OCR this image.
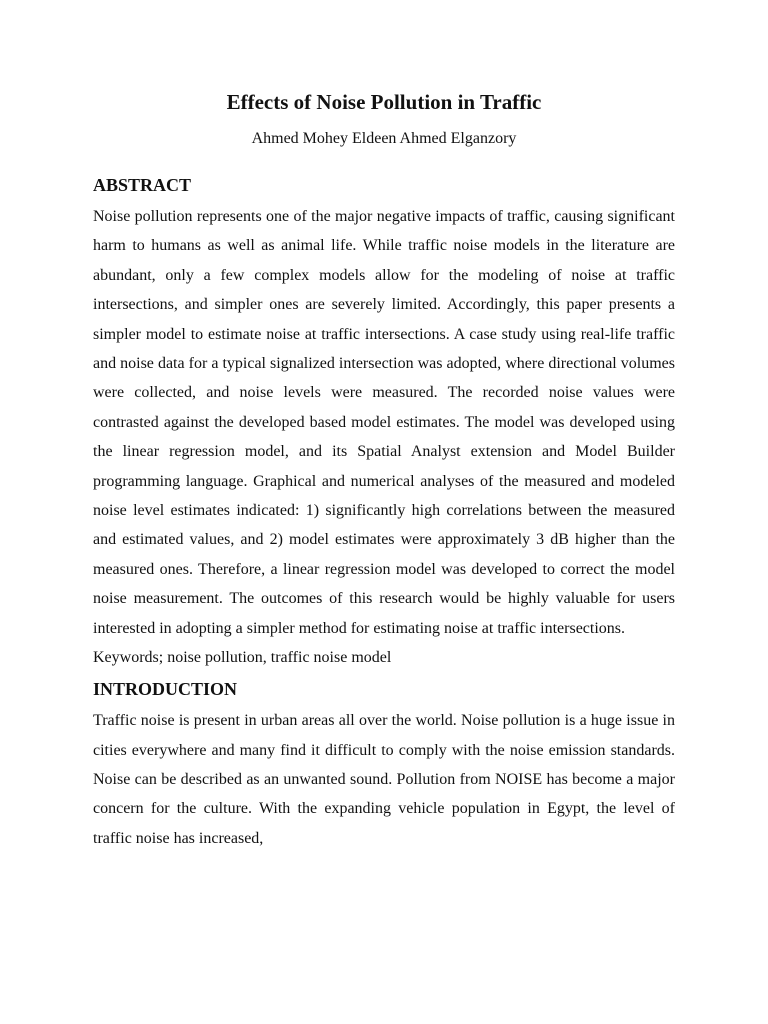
Effects of Noise Pollution in Traffic

Ahmed Mohey Eldeen Ahmed Elganzory

ABSTRACT

Noise pollution represents one of the major negative impacts of traffic, causing significant harm to humans as well as animal life. While traffic noise models in the literature are abundant, only a few complex models allow for the modeling of noise at traffic intersections, and simpler ones are severely limited. Accordingly, this paper presents a simpler model to estimate noise at traffic intersections. A case study using real-life traffic and noise data for a typical signalized intersection was adopted, where directional volumes were collected, and noise levels were measured. The recorded noise values were contrasted against the developed based model estimates. The model was developed using the linear regression model, and its Spatial Analyst extension and Model Builder programming language. Graphical and numerical analyses of the measured and modeled noise level estimates indicated: 1) significantly high correlations between the measured and estimated values, and 2) model estimates were approximately 3 dB higher than the measured ones. Therefore, a linear regression model was developed to correct the model noise measurement. The outcomes of this research would be highly valuable for users interested in adopting a simpler method for estimating noise at traffic intersections.

Keywords; noise pollution, traffic noise model

INTRODUCTION

Traffic noise is present in urban areas all over the world. Noise pollution is a huge issue in cities everywhere and many find it difficult to comply with the noise emission standards. Noise can be described as an unwanted sound. Pollution from NOISE has become a major concern for the culture. With the expanding vehicle population in Egypt, the level of traffic noise has increased,
